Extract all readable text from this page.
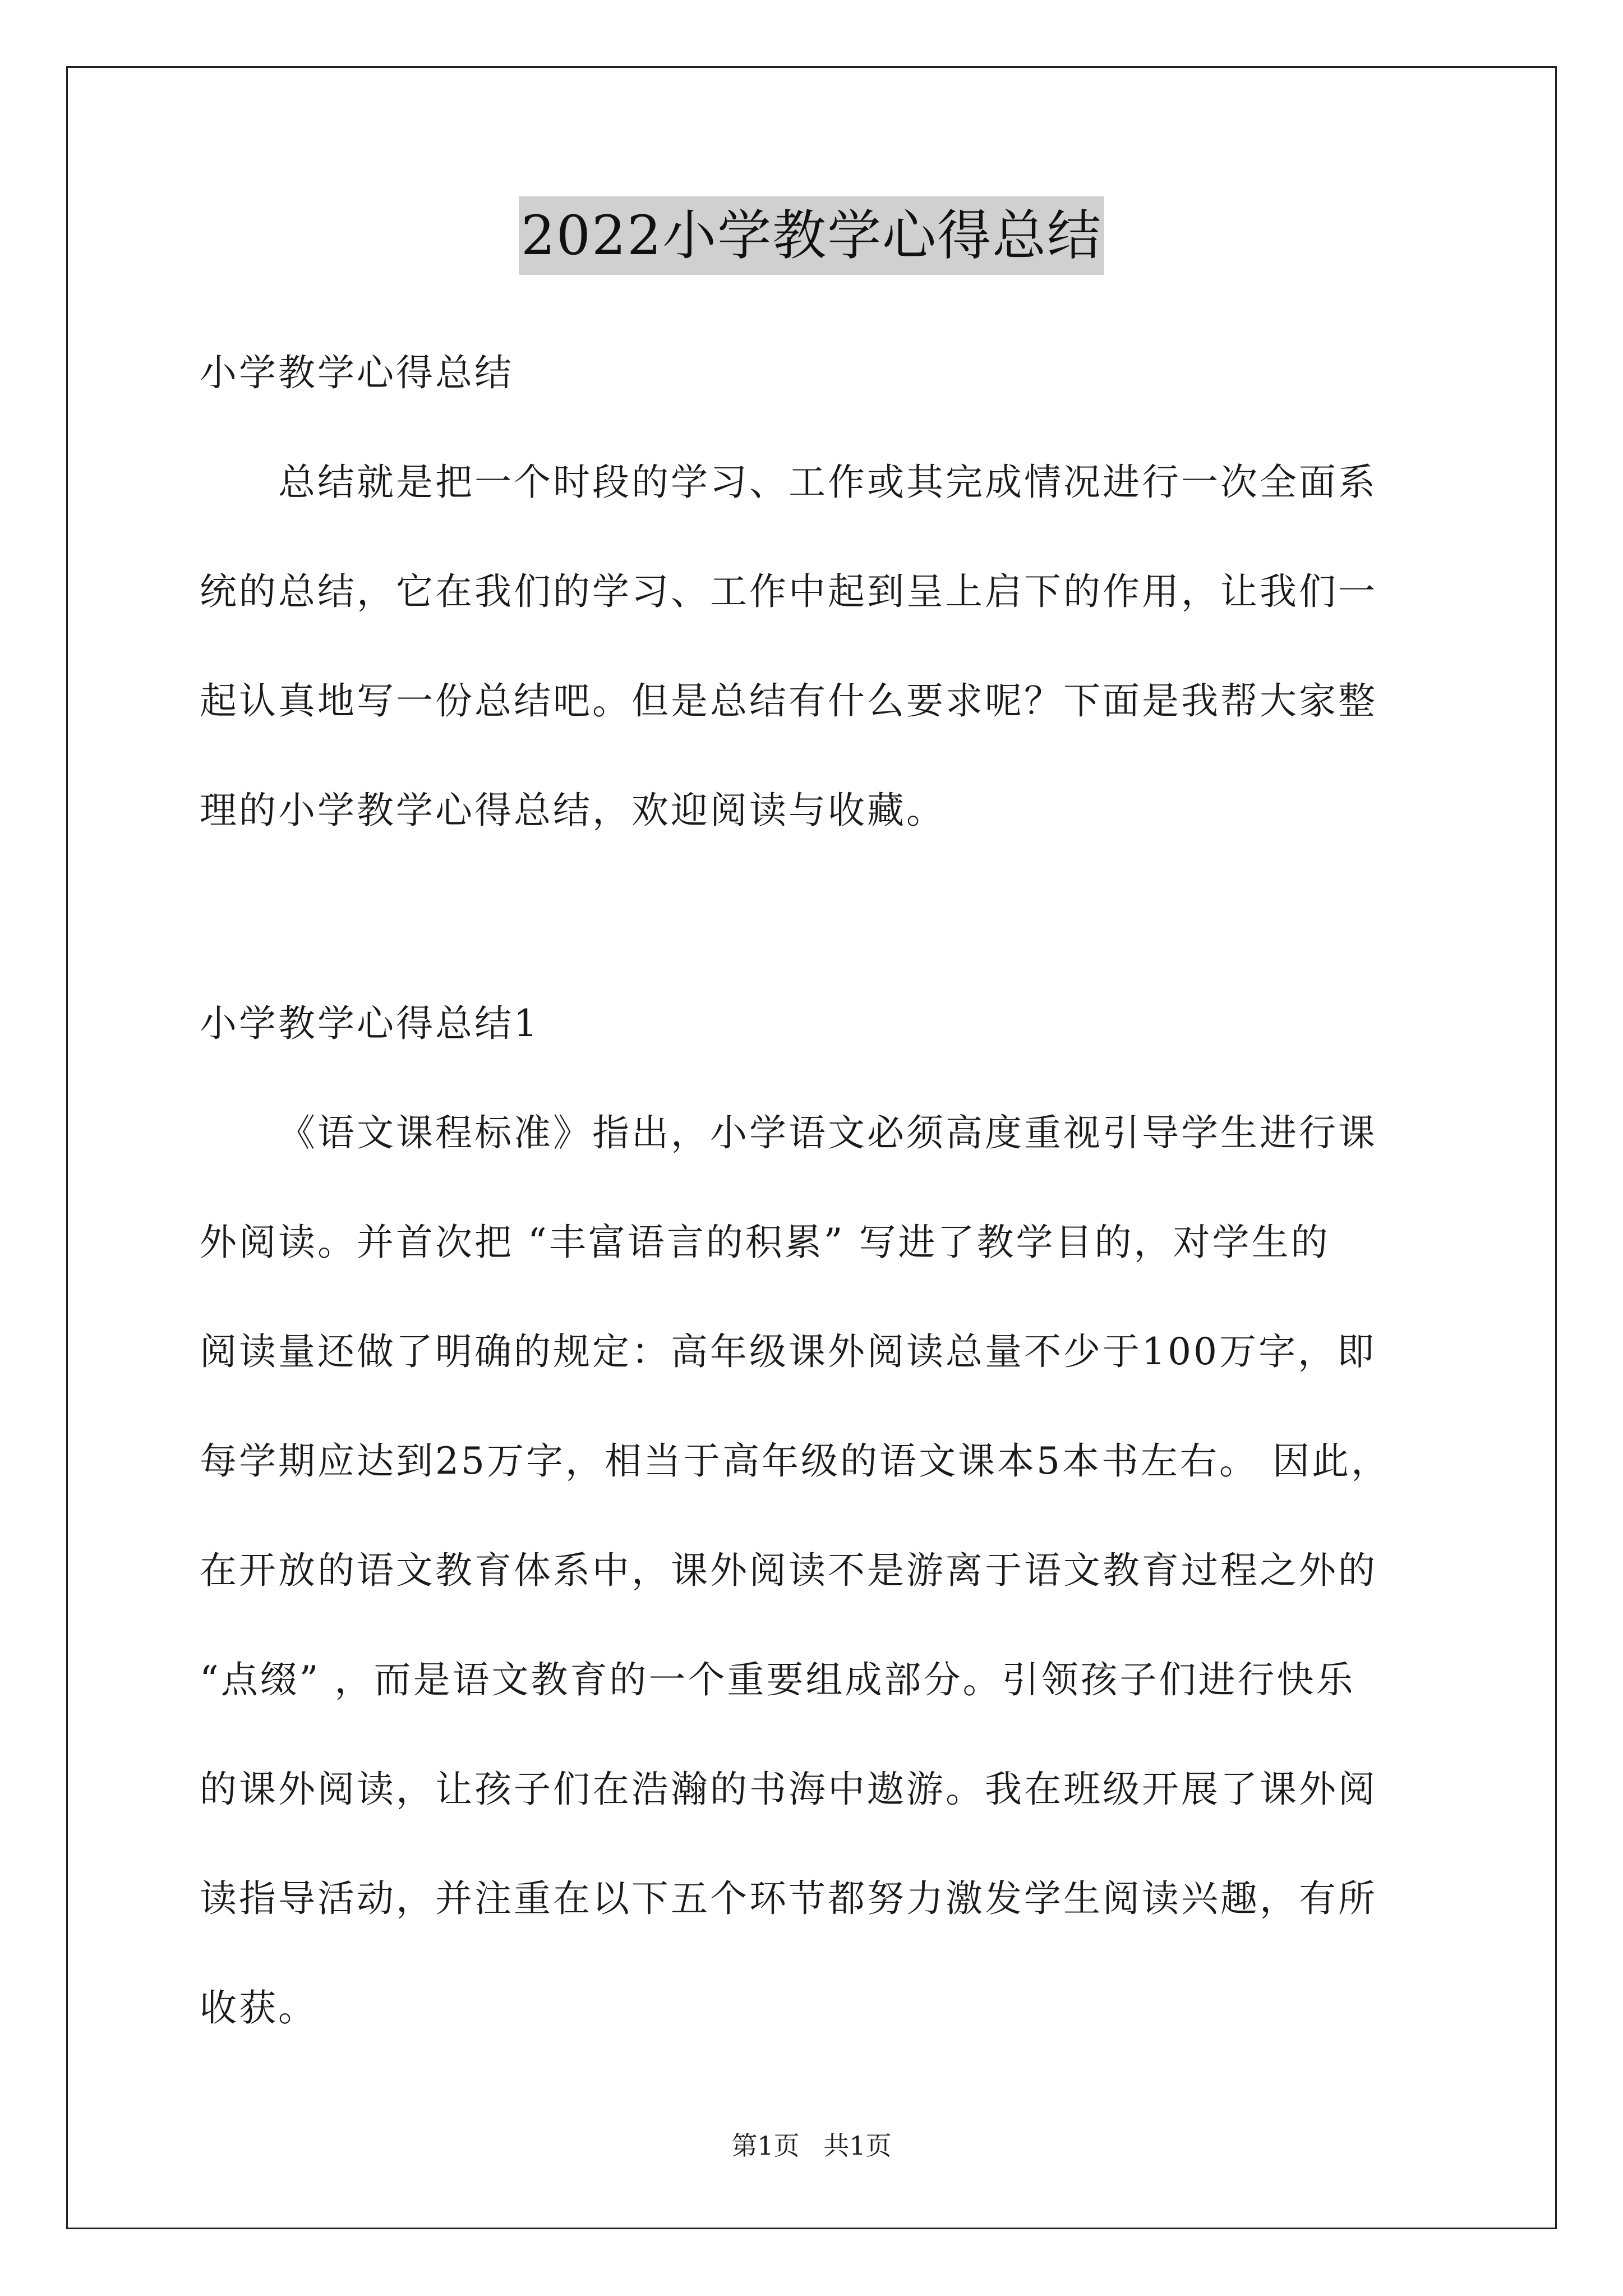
2022小学教学心得总结
小学教学心得总结
总结就是把一个时段的学习、工作或其完成情况进行一次全面系
统的总结，它在我们的学习、工作中起到呈上启下的作用，让我们一
起认真地写一份总结吧。但是总结有什么要求呢？下面是我帮大家整
理的小学教学心得总结，欢迎阅读与收藏。
小学教学心得总结1
《语文课程标准》指出，小学语文必须高度重视引导学生进行课
外阅读。并首次把 “丰富语言的积累” 写进了教学目的，对学生的
阅读量还做了明确的规定：高年级课外阅读总量不少于100万字，即
每学期应达到25万字，相当于高年级的语文课本5本书左右。 因此，
在开放的语文教育体系中，课外阅读不是游离于语文教育过程之外的
“点缀” ，而是语文教育的一个重要组成部分。引领孩子们进行快乐
的课外阅读，让孩子们在浩瀚的书海中遨游。我在班级开展了课外阅
读指导活动，并注重在以下五个环节都努力激发学生阅读兴趣，有所
收获。
第1页 共1页
